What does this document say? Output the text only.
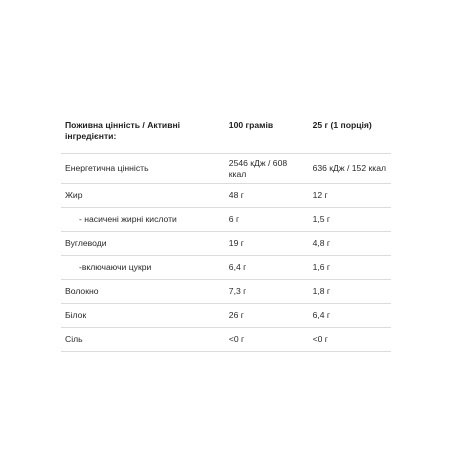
Поживна цінність / Активні інгредієнти:	100 грамів	25 г (1 порція)
Енергетична цінність	2546 кДж / 608 ккал	636 кДж / 152 ккал
Жир	48 г	12 г
- насичені жирні кислоти	6 г	1,5 г
Вуглеводи	19 г	4,8 г
-включаючи цукри	6,4 г	1,6 г
Волокно	7,3 г	1,8 г
Білок	26 г	6,4 г
Сіль	<0 г	<0 г
